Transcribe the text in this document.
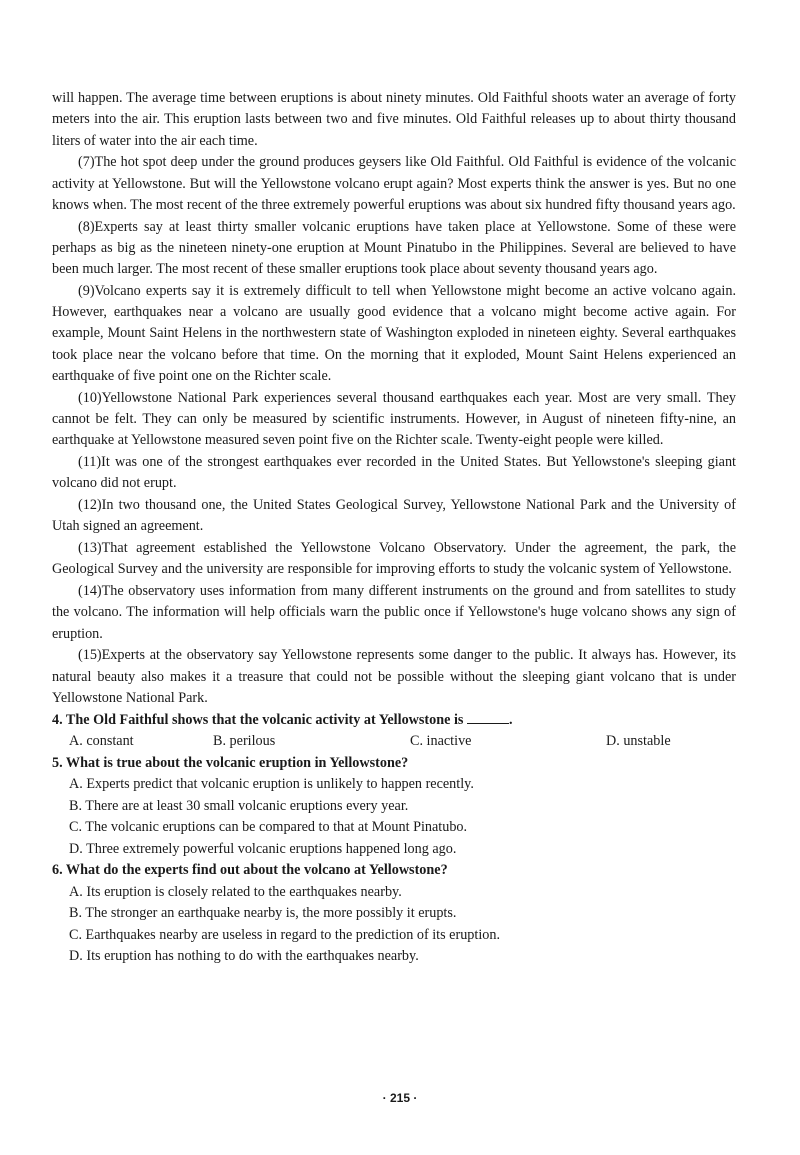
will happen. The average time between eruptions is about ninety minutes. Old Faithful shoots water an average of forty meters into the air. This eruption lasts between two and five minutes. Old Faithful releases up to about thirty thousand liters of water into the air each time.

(7)The hot spot deep under the ground produces geysers like Old Faithful. Old Faithful is evidence of the volcanic activity at Yellowstone. But will the Yellowstone volcano erupt again? Most experts think the answer is yes. But no one knows when. The most recent of the three extremely powerful eruptions was about six hundred fifty thousand years ago.

(8)Experts say at least thirty smaller volcanic eruptions have taken place at Yellowstone. Some of these were perhaps as big as the nineteen ninety-one eruption at Mount Pinatubo in the Philippines. Several are believed to have been much larger. The most recent of these smaller eruptions took place about seventy thousand years ago.

(9)Volcano experts say it is extremely difficult to tell when Yellowstone might become an active volcano again. However, earthquakes near a volcano are usually good evidence that a volcano might become active again. For example, Mount Saint Helens in the northwestern state of Washington exploded in nineteen eighty. Several earthquakes took place near the volcano before that time. On the morning that it exploded, Mount Saint Helens experienced an earthquake of five point one on the Richter scale.

(10)Yellowstone National Park experiences several thousand earthquakes each year. Most are very small. They cannot be felt. They can only be measured by scientific instruments. However, in August of nineteen fifty-nine, an earthquake at Yellowstone measured seven point five on the Richter scale. Twenty-eight people were killed.

(11)It was one of the strongest earthquakes ever recorded in the United States. But Yellowstone's sleeping giant volcano did not erupt.

(12)In two thousand one, the United States Geological Survey, Yellowstone National Park and the University of Utah signed an agreement.

(13)That agreement established the Yellowstone Volcano Observatory. Under the agreement, the park, the Geological Survey and the university are responsible for improving efforts to study the volcanic system of Yellowstone.

(14)The observatory uses information from many different instruments on the ground and from satellites to study the volcano. The information will help officials warn the public once if Yellowstone's huge volcano shows any sign of eruption.

(15)Experts at the observatory say Yellowstone represents some danger to the public. It always has. However, its natural beauty also makes it a treasure that could not be possible without the sleeping giant volcano that is under Yellowstone National Park.

4. The Old Faithful shows that the volcanic activity at Yellowstone is	.

A. constant	B. perilous	C. inactive	D. unstable

5. What is true about the volcanic eruption in Yellowstone?

A. Experts predict that volcanic eruption is unlikely to happen recently.

B. There are at least 30 small volcanic eruptions every year.

C. The volcanic eruptions can be compared to that at Mount Pinatubo.

D. Three extremely powerful volcanic eruptions happened long ago.

6. What do the experts find out about the volcano at Yellowstone?

A. Its eruption is closely related to the earthquakes nearby.

B. The stronger an earthquake nearby is, the more possibly it erupts.

C. Earthquakes nearby are useless in regard to the prediction of its eruption.

D. Its eruption has nothing to do with the earthquakes nearby.

· 215 ·
